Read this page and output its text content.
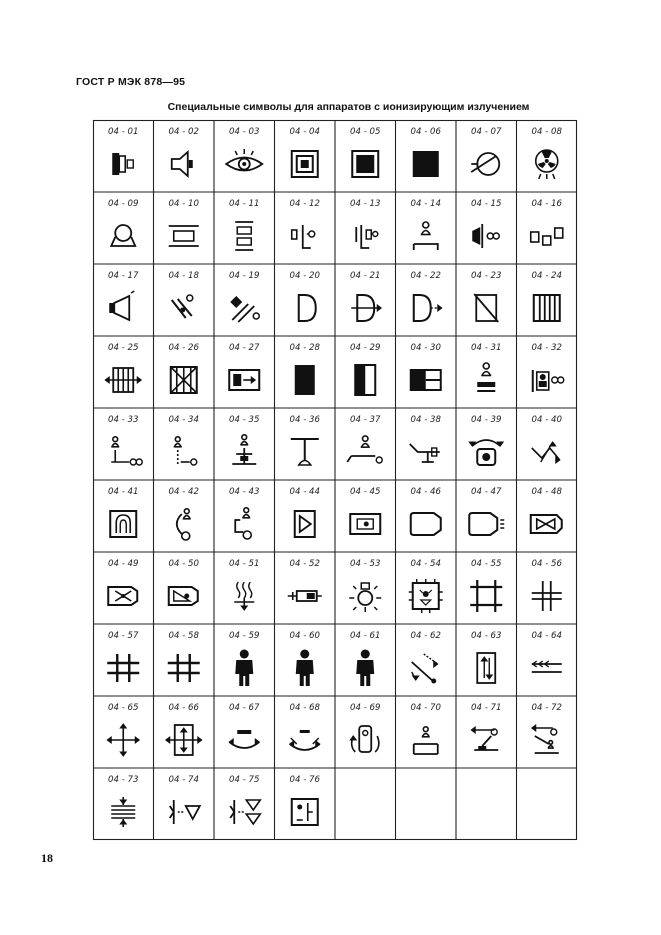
ГОСТ Р МЭК 878—95
Специальные символы для аппаратов с ионизирующим излучением
04 - 01	04 - 02	04 - 03	04 - 04	04 - 05	04 - 06	04 - 07	04 - 08
04 - 09	04 - 10	04 - 11	04 - 12	04 - 13	04 - 14	04 - 15	04 - 16
04 - 17	04 - 18	04 - 19	04 - 20	04 - 21	04 - 22	04 - 23	04 - 24
04 - 25	04 - 26	04 - 27	04 - 28	04 - 29	04 - 30	04 - 31	04 - 32
04 - 33	04 - 34	04 - 35	04 - 36	04 - 37	04 - 38	04 - 39	04 - 40
04 - 41	04 - 42	04 - 43	04 - 44	04 - 45	04 - 46	04 - 47	04 - 48
04 - 49	04 - 50	04 - 51	04 - 52	04 - 53	04 - 54	04 - 55	04 - 56
04 - 57	04 - 58	04 - 59	04 - 60	04 - 61	04 - 62	04 - 63	04 - 64
04 - 65	04 - 66	04 - 67	04 - 68	04 - 69	04 - 70	04 - 71	04 - 72
04 - 73	04 - 74	04 - 75	04 - 76
18
